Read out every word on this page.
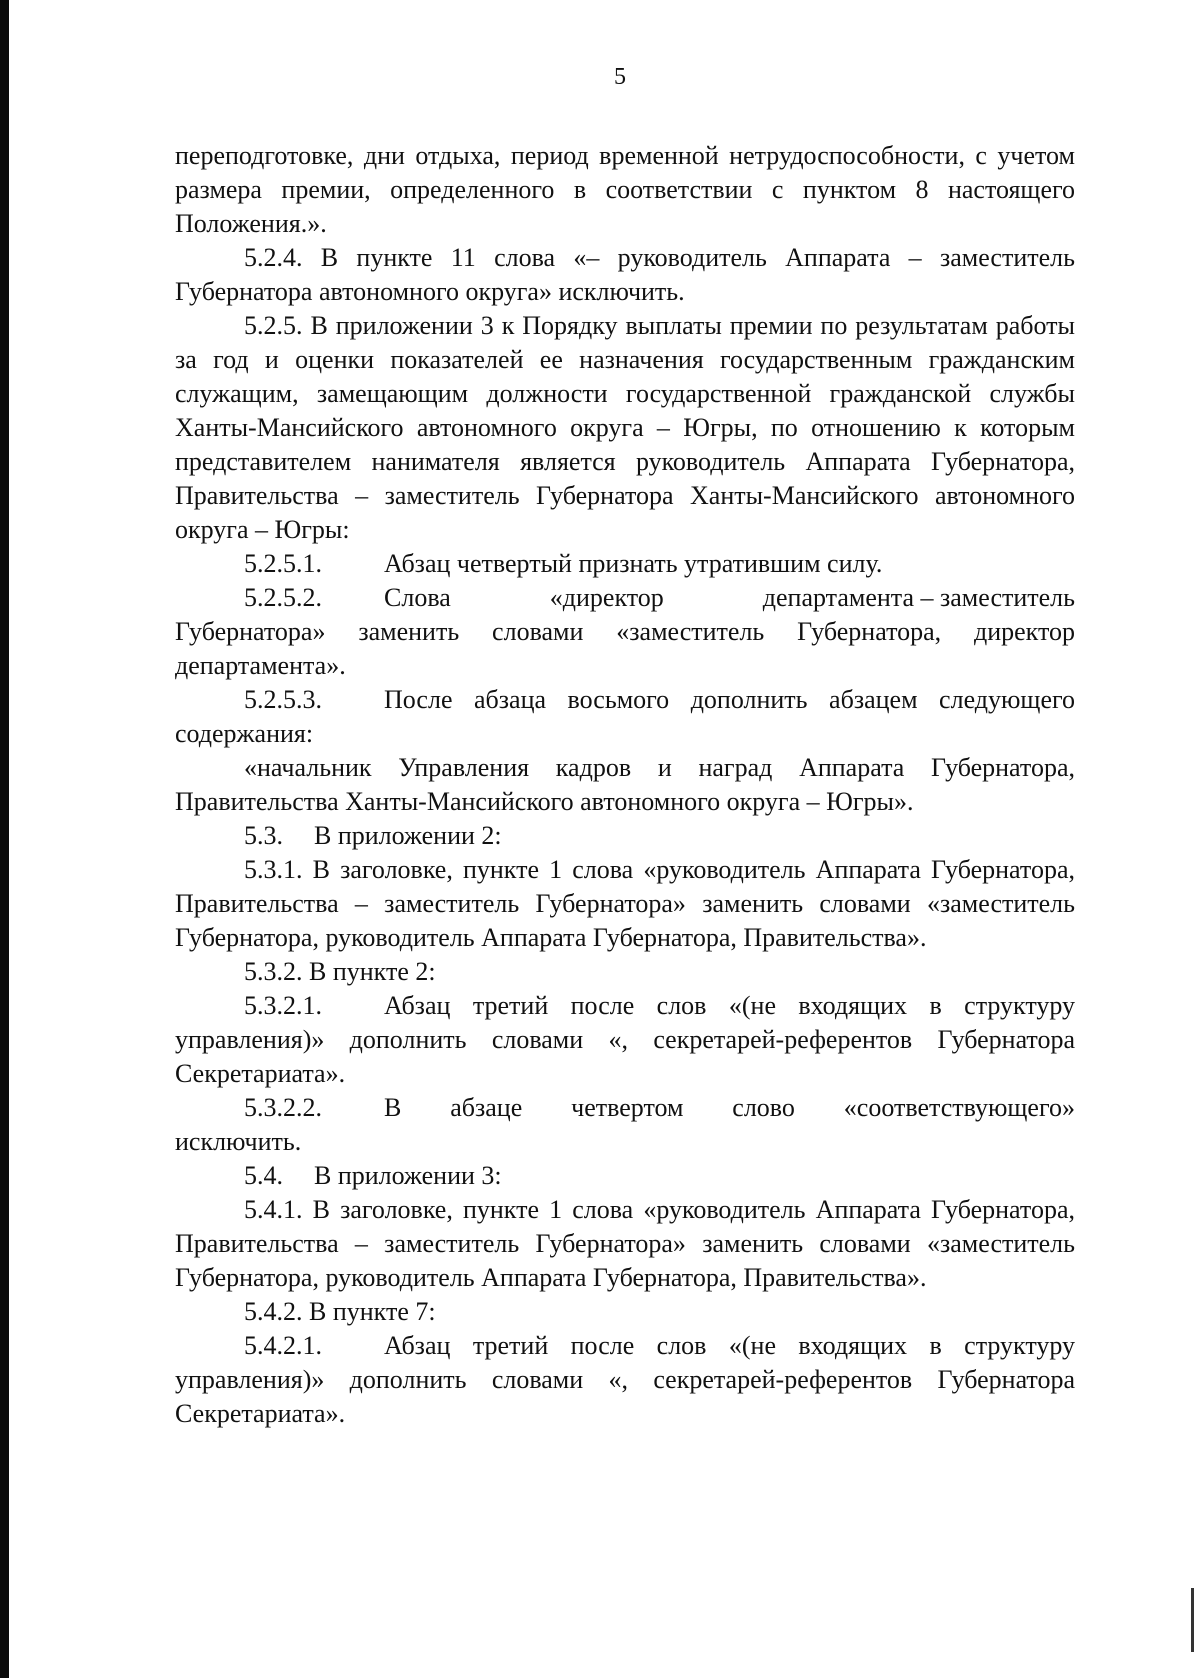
5

переподготовке, дни отдыха, период временной нетрудоспособности, с учетом размера премии, определенного в соответствии с пунктом 8 настоящего Положения.».

5.2.4. В пункте 11 слова «– руководитель Аппарата – заместитель Губернатора автономного округа» исключить.

5.2.5. В приложении 3 к Порядку выплаты премии по результатам работы за год и оценки показателей ее назначения государственным гражданским служащим, замещающим должности государственной гражданской службы Ханты-Мансийского автономного округа – Югры, по отношению к которым представителем нанимателя является руководитель Аппарата Губернатора, Правительства – заместитель Губернатора Ханты-Мансийского автономного округа – Югры:

5.2.5.1.	Абзац четвертый признать утратившим силу.
5.2.5.2.	Слова	«директор	департамента – заместитель

Губернатора» заменить словами «заместитель Губернатора, директор департамента».

5.2.5.3.	После абзаца восьмого дополнить абзацем следующего

содержания:

«начальник Управления кадров и наград Аппарата Губернатора, Правительства Ханты-Мансийского автономного округа – Югры».

5.3.	В приложении 2:

5.3.1. В заголовке, пункте 1 слова «руководитель Аппарата Губернатора, Правительства – заместитель Губернатора» заменить словами «заместитель Губернатора, руководитель Аппарата Губернатора, Правительства».

5.3.2. В пункте 2:

5.3.2.1.	Абзац третий после слов «(не входящих в структуру

управления)» дополнить словами «, секретарей-референтов Губернатора Секретариата».

5.3.2.2.	В абзаце четвертом слово «соответствующего»

исключить.

5.4.	В приложении 3:

5.4.1. В заголовке, пункте 1 слова «руководитель Аппарата Губернатора, Правительства – заместитель Губернатора» заменить словами «заместитель Губернатора, руководитель Аппарата Губернатора, Правительства».

5.4.2. В пункте 7:

5.4.2.1.	Абзац третий после слов «(не входящих в структуру

управления)» дополнить словами «, секретарей-референтов Губернатора Секретариата».
